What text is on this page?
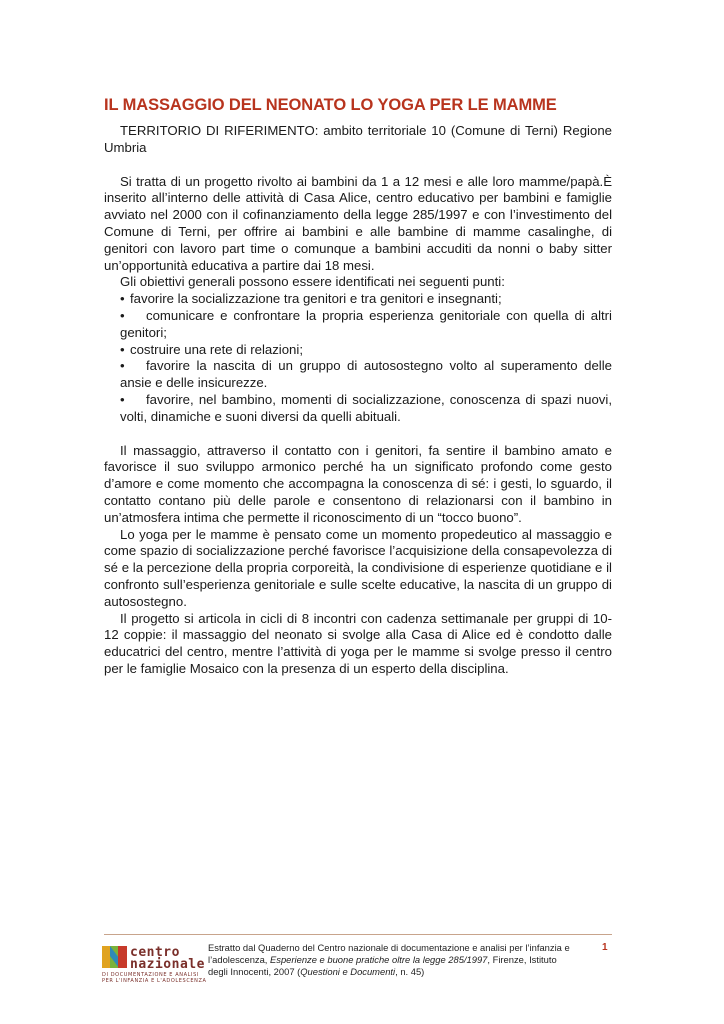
IL MASSAGGIO DEL NEONATO LO YOGA PER LE MAMME

TERRITORIO DI RIFERIMENTO: ambito territoriale 10 (Comune di Terni) Regione Umbria

Si tratta di un progetto rivolto ai bambini da 1 a 12 mesi e alle loro mamme/papà.È inserito all’interno delle attività di Casa Alice, centro educativo per bambini e famiglie avviato nel 2000 con il cofinanziamento della legge 285/1997 e con l’investimento del Comune di Terni, per offrire ai bambini e alle bambine di mamme casalinghe, di genitori con lavoro part time o comunque a bambini accuditi da nonni o baby sitter un’opportunità educativa a partire dai 18 mesi.

Gli obiettivi generali possono essere identificati nei seguenti punti:

• favorire la socializzazione tra genitori e tra genitori e insegnanti;
• comunicare e confrontare la propria esperienza genitoriale con quella di altri genitori;
• costruire una rete di relazioni;
• favorire la nascita di un gruppo di autosostegno volto al superamento delle ansie e delle insicurezze.
• favorire, nel bambino, momenti di socializzazione, conoscenza di spazi nuovi, volti, dinamiche e suoni diversi da quelli abituali.

Il massaggio, attraverso il contatto con i genitori, fa sentire il bambino amato e favorisce il suo sviluppo armonico perché ha un significato profondo come gesto d’amore e come momento che accompagna la conoscenza di sé: i gesti, lo sguardo, il contatto contano più delle parole e consentono di relazionarsi con il bambino in un’atmosfera intima che permette il riconoscimento di un “tocco buono”.

Lo yoga per le mamme è pensato come un momento propedeutico al massaggio e come spazio di socializzazione perché favorisce l’acquisizione della consapevolezza di sé e la percezione della propria corporeità, la condivisione di esperienze quotidiane e il confronto sull’esperienza genitoriale e sulle scelte educative, la nascita di un gruppo di autosostegno.

Il progetto si articola in cicli di 8 incontri con cadenza settimanale per gruppi di 10-12 coppie: il massaggio del neonato si svolge alla Casa di Alice ed è condotto dalle educatrici del centro, mentre l’attività di yoga per le mamme si svolge presso il centro per le famiglie Mosaico con la presenza di un esperto della disciplina.

centro
nazionale
DI DOCUMENTAZIONE E ANALISI
PER L'INFANZIA E L'ADOLESCENZA
Estratto dal Quaderno del Centro nazionale di documentazione e analisi per l’infanzia e l’adolescenza, Esperienze e buone pratiche oltre la legge 285/1997, Firenze, Istituto degli Innocenti, 2007 (Questioni e Documenti, n. 45)
1
